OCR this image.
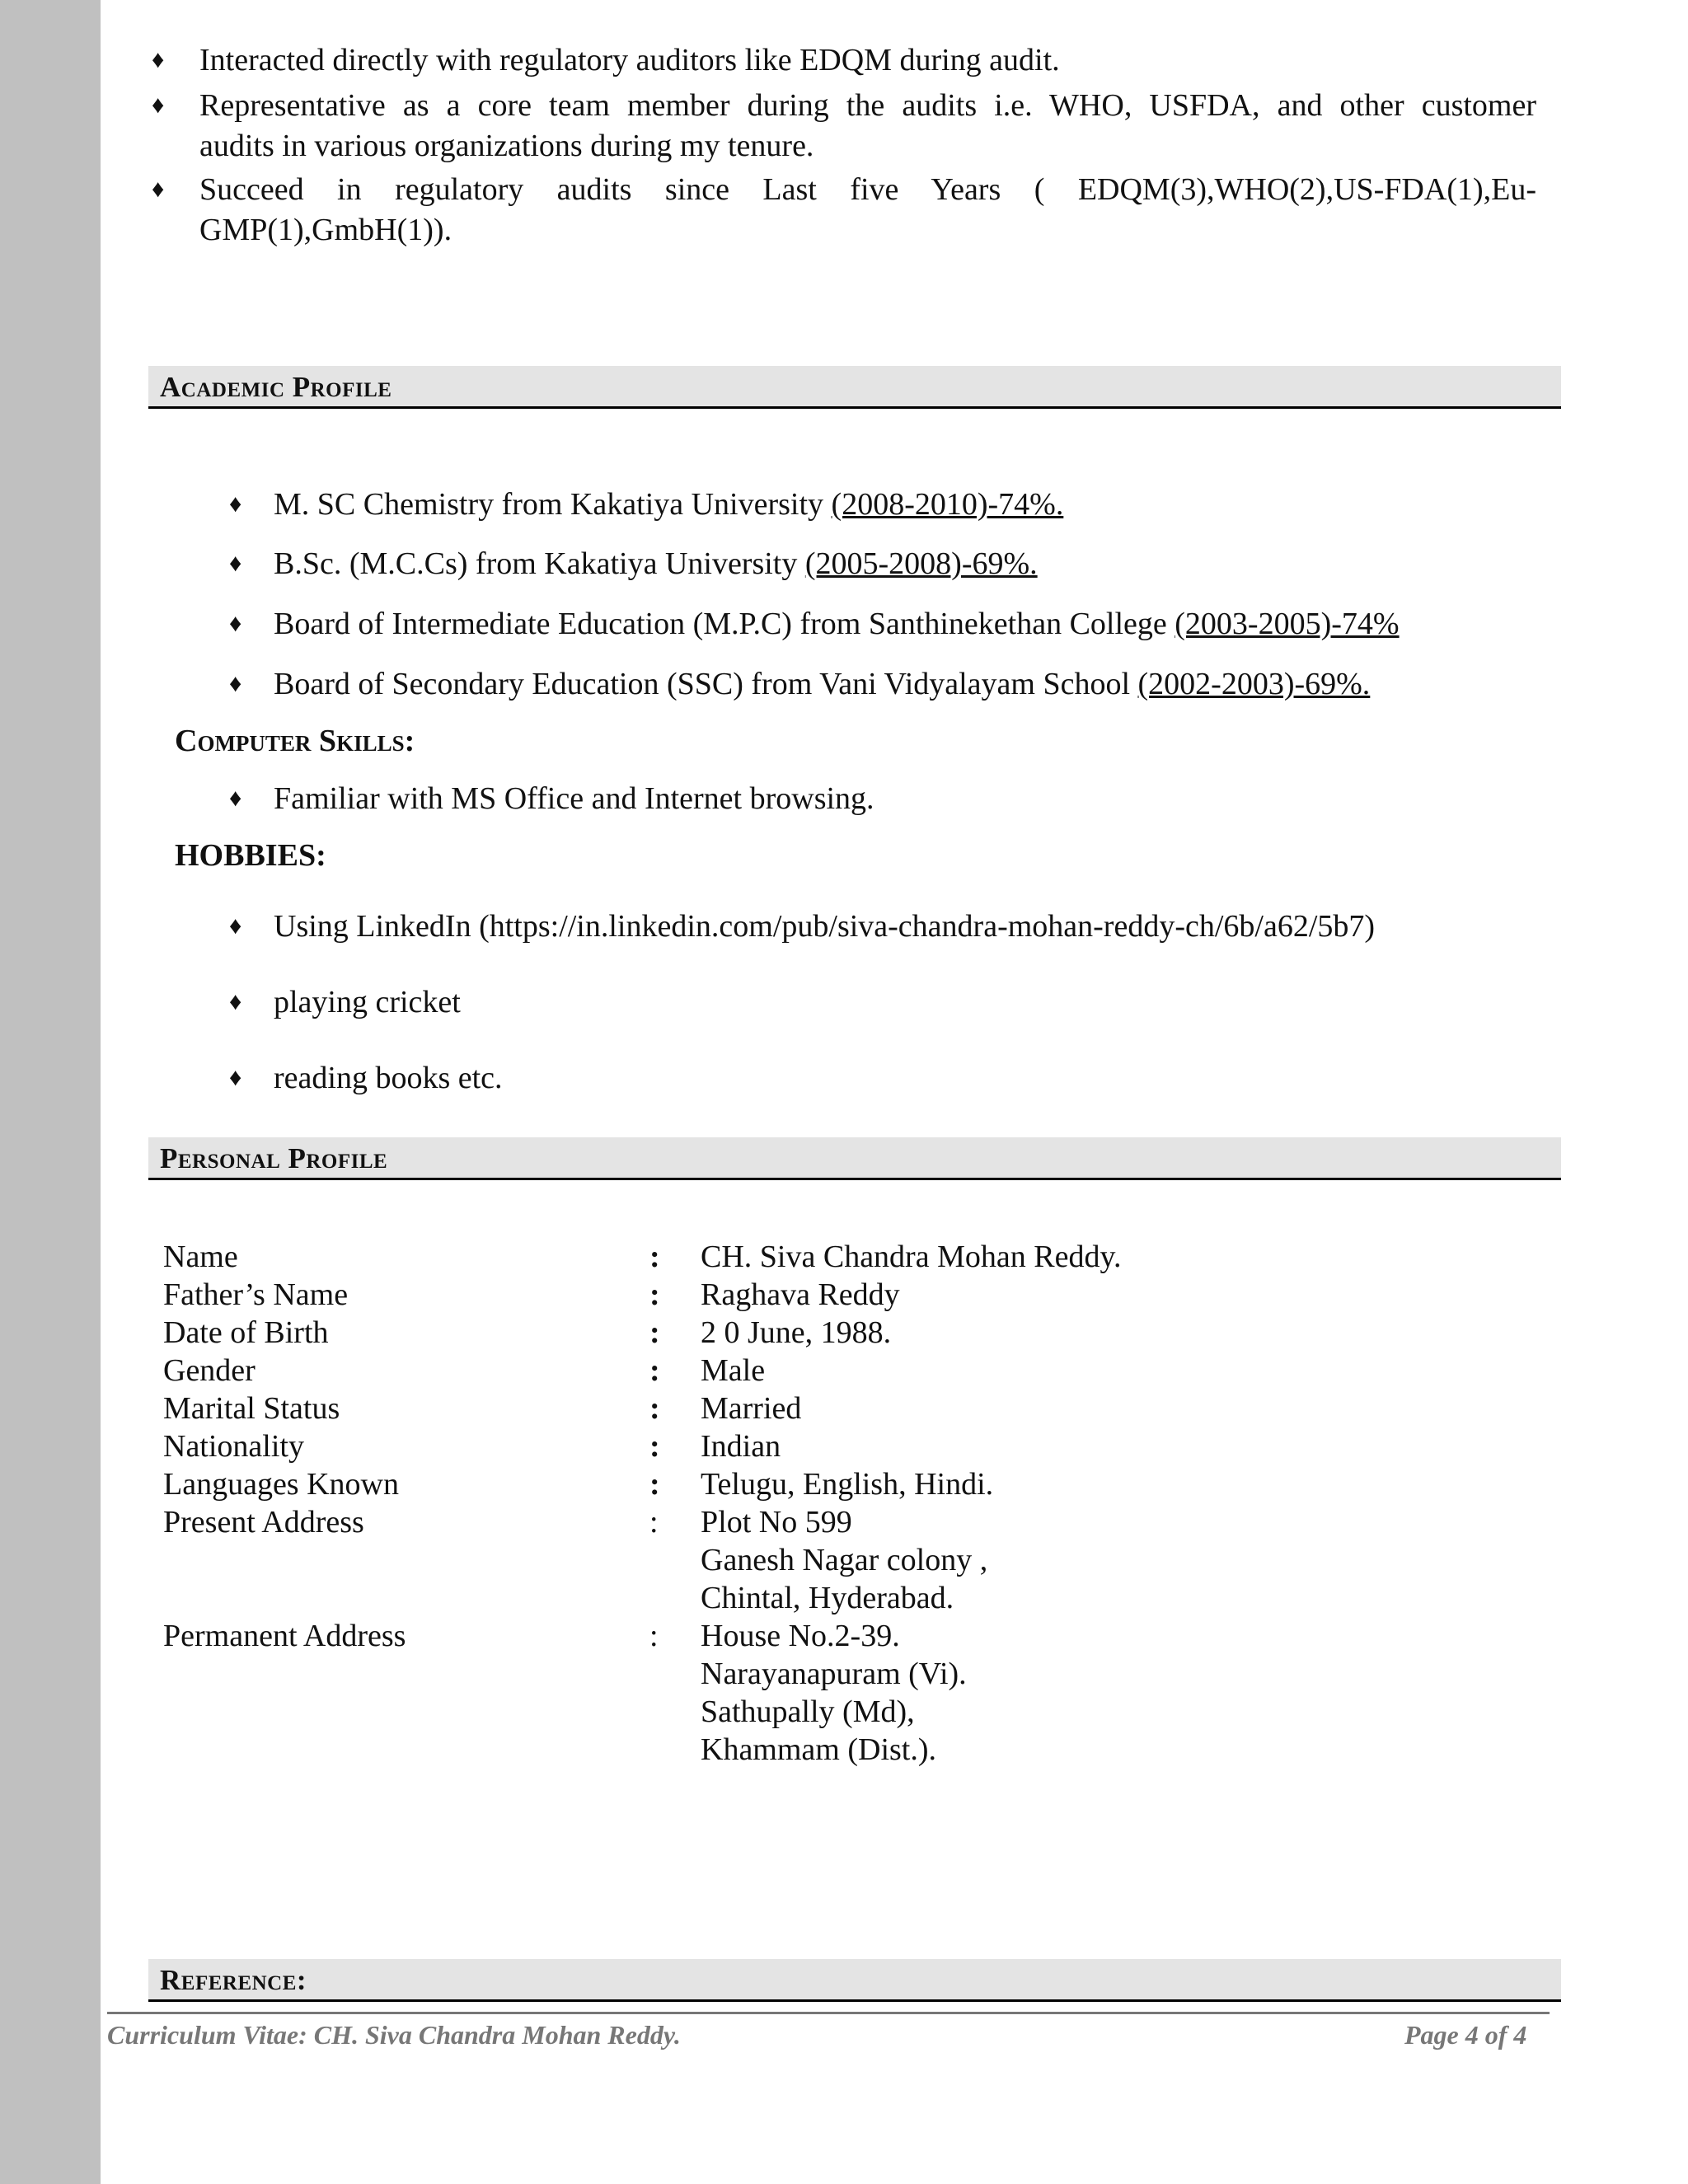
♦ Interacted directly with regulatory auditors like EDQM during audit.
♦ Representative as a core team member during the audits i.e. WHO, USFDA, and other customer
audits in various organizations during my tenure.
♦ Succeed in regulatory audits since Last five Years ( EDQM(3),WHO(2),US-FDA(1),Eu-
GMP(1),GmbH(1)).
Academic Profile
♦ M. SC Chemistry from Kakatiya University (2008-2010)-74%.
♦ B.Sc. (M.C.Cs) from Kakatiya University (2005-2008)-69%.
♦ Board of Intermediate Education (M.P.C) from Santhinekethan College (2003-2005)-74%
♦ Board of Secondary Education (SSC) from Vani Vidyalayam School (2002-2003)-69%.
Computer Skills:
♦ Familiar with MS Office and Internet browsing.
HOBBIES:
♦ Using LinkedIn (https://in.linkedin.com/pub/siva-chandra-mohan-reddy-ch/6b/a62/5b7)
♦ playing cricket
♦ reading books etc.
Personal Profile
Name	: CH. Siva Chandra Mohan Reddy.
Father’s Name	: Raghava Reddy
Date of Birth	: 2 0 June, 1988.
Gender	: Male
Marital Status	: Married
Nationality	: Indian
Languages Known	: Telugu, English, Hindi.
Present Address	: Plot No 599
Ganesh Nagar colony ,
Chintal, Hyderabad.
Permanent Address	: House No.2-39.
Narayanapuram (Vi).
Sathupally (Md),
Khammam (Dist.).
Reference:
Curriculum Vitae: CH. Siva Chandra Mohan Reddy.	Page 4 of 4
